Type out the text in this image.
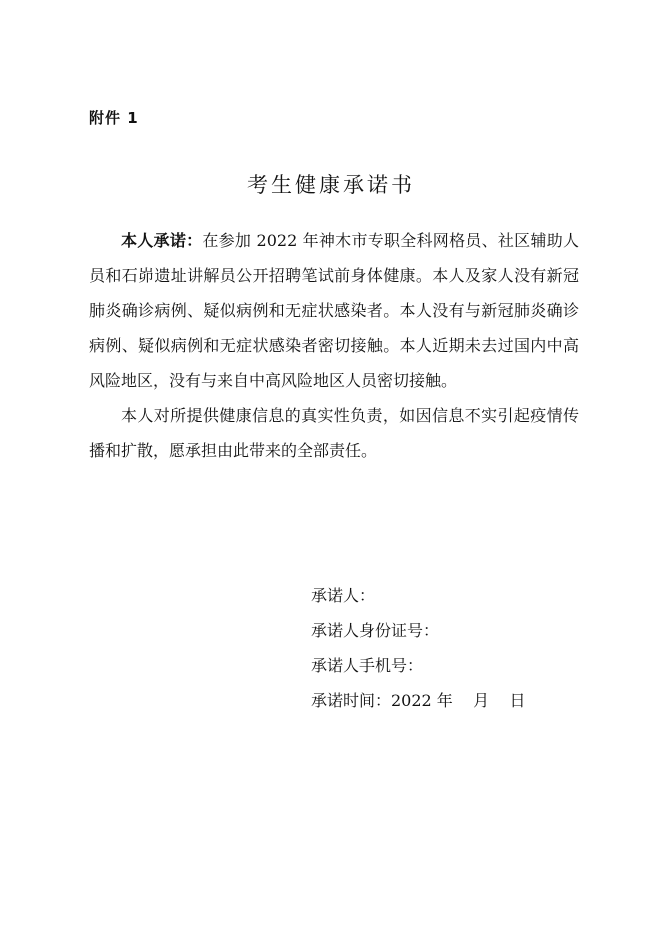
附件 1
考生健康承诺书

本人承诺：在参加 2022 年神木市专职全科网格员、社区辅助人员和石峁遗址讲解员公开招聘笔试前身体健康。本人及家人没有新冠肺炎确诊病例、疑似病例和无症状感染者。本人没有与新冠肺炎确诊病例、疑似病例和无症状感染者密切接触。本人近期未去过国内中高风险地区，没有与来自中高风险地区人员密切接触。

本人对所提供健康信息的真实性负责，如因信息不实引起疫情传播和扩散，愿承担由此带来的全部责任。

承诺人：
承诺人身份证号：
承诺人手机号：
承诺时间：2022 年    月    日
